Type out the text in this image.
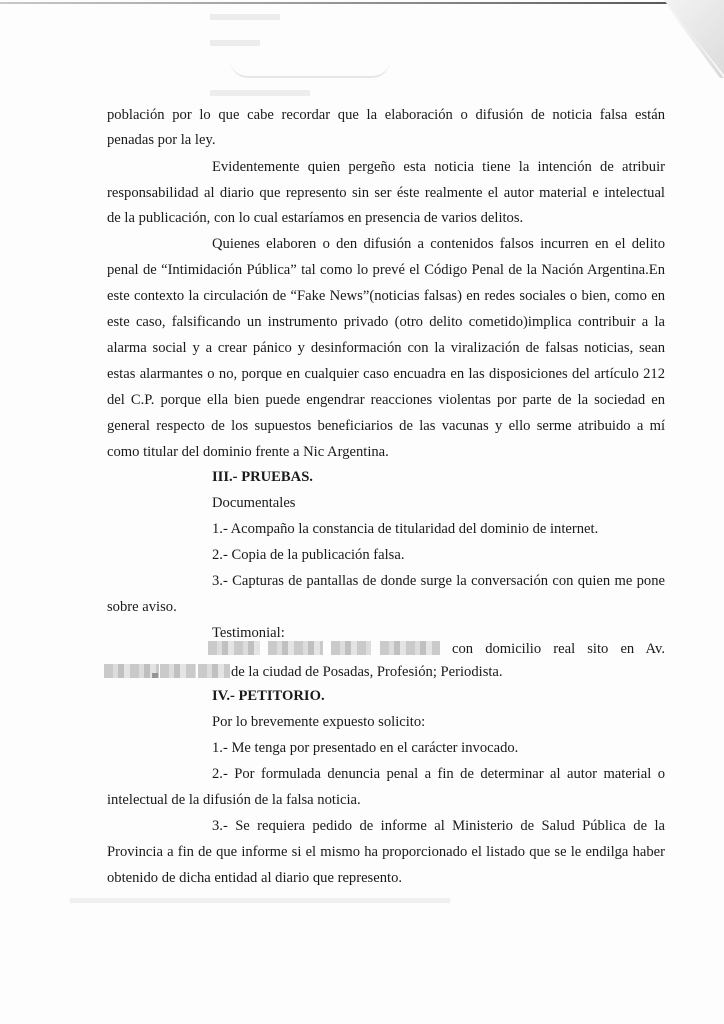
población por lo que cabe recordar que la elaboración o difusión de noticia falsa están
penadas por la ley.
Evidentemente quien pergeño esta noticia tiene la intención de atribuir
responsabilidad al diario que represento sin ser éste realmente el autor material e intelectual
de la publicación, con lo cual estaríamos en presencia de varios delitos.
Quienes elaboren o den difusión a contenidos falsos incurren en el delito
penal de “Intimidación Pública” tal como lo prevé el Código Penal de la Nación Argentina.En
este contexto la circulación de “Fake News”(noticias falsas) en redes sociales o bien, como en
este caso, falsificando un instrumento privado (otro delito cometido)implica contribuir a la
alarma social y a crear pánico y desinformación con la viralización de falsas noticias, sean
estas alarmantes o no, porque en cualquier caso encuadra en las disposiciones del artículo 212
del C.P. porque ella bien puede engendrar reacciones violentas por parte de la sociedad en
general respecto de los supuestos beneficiarios de las vacunas y ello serme atribuido a mí
como titular del dominio frente a Nic Argentina.
III.- PRUEBAS.
Documentales
1.- Acompaño la constancia de titularidad del dominio de internet.
2.- Copia de la publicación falsa.
3.- Capturas de pantallas de donde surge la conversación con quien me pone
sobre aviso.
Testimonial:
con domicilio real sito en Av.
de la ciudad de Posadas, Profesión; Periodista.
IV.- PETITORIO.
Por lo brevemente expuesto solicito:
1.- Me tenga por presentado en el carácter invocado.
2.- Por formulada denuncia penal a fin de determinar al autor material o
intelectual de la difusión de la falsa noticia.
3.- Se requiera pedido de informe al Ministerio de Salud Pública de la
Provincia a fin de que informe si el mismo ha proporcionado el listado que se le endilga haber
obtenido de dicha entidad al diario que represento.
